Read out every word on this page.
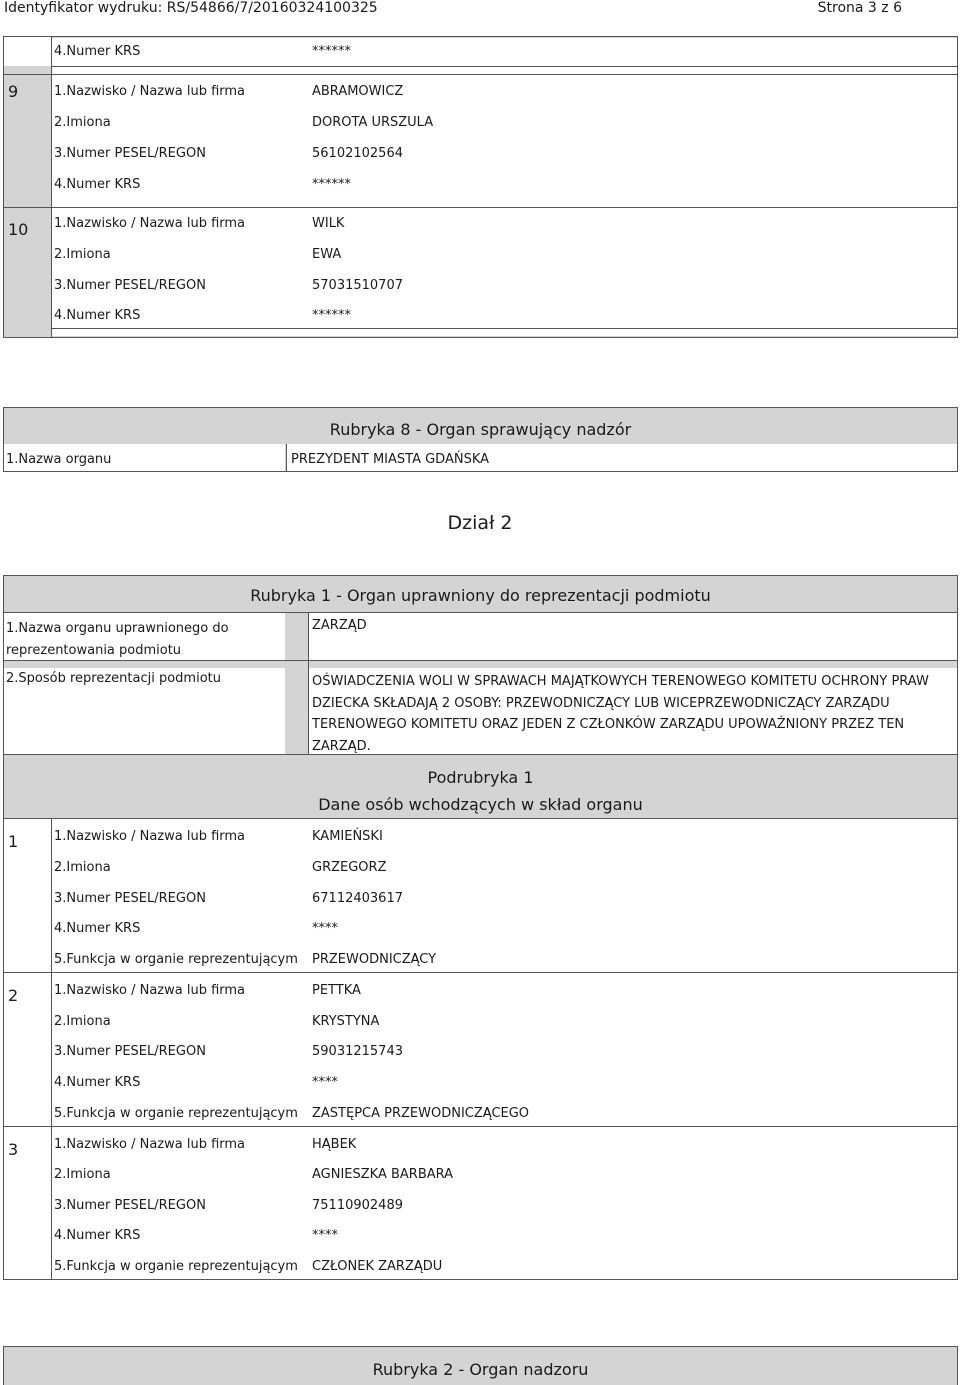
Identyfikator wydruku: RS/54866/7/20160324100325	Strona 3 z 6
4.Numer KRS	******
9	1.Nazwisko / Nazwa lub firma	ABRAMOWICZ
2.Imiona	DOROTA URSZULA
3.Numer PESEL/REGON	56102102564
4.Numer KRS	******
10 1.Nazwisko / Nazwa lub firma	WILK
2.Imiona	EWA
3.Numer PESEL/REGON	57031510707
4.Numer KRS	******
Rubryka 8 - Organ sprawujący nadzór
1.Nazwa organu	PREZYDENT MIASTA GDAŃSKA
Dział 2
Rubryka 1 - Organ uprawniony do reprezentacji podmiotu
1.Nazwa organu uprawnionego do reprezentowania podmiotu
ZARZĄD
2.Sposób reprezentacji podmiotu	OŚWIADCZENIA WOLI W SPRAWACH MAJĄTKOWYCH TERENOWEGO KOMITETU OCHRONY PRAW DZIECKA SKŁADAJĄ 2 OSOBY: PRZEWODNICZĄCY LUB WICEPRZEWODNICZĄCY ZARZĄDU TERENOWEGO KOMITETU ORAZ JEDEN Z CZŁONKÓW ZARZĄDU UPOWAŻNIONY PRZEZ TEN ZARZĄD.
Podrubryka 1
Dane osób wchodzących w skład organu
1	1.Nazwisko / Nazwa lub firma	KAMIEŃSKI
2.Imiona	GRZEGORZ
3.Numer PESEL/REGON	67112403617
4.Numer KRS	****
5.Funkcja w organie reprezentującym PRZEWODNICZĄCY
2	1.Nazwisko / Nazwa lub firma	PETTKA
2.Imiona	KRYSTYNA
3.Numer PESEL/REGON	59031215743
4.Numer KRS	****
5.Funkcja w organie reprezentującym ZASTĘPCA PRZEWODNICZĄCEGO
3	1.Nazwisko / Nazwa lub firma	HĄBEK
2.Imiona	AGNIESZKA BARBARA
3.Numer PESEL/REGON	75110902489
4.Numer KRS	****
5.Funkcja w organie reprezentującym CZŁONEK ZARZĄDU
Rubryka 2 - Organ nadzoru
